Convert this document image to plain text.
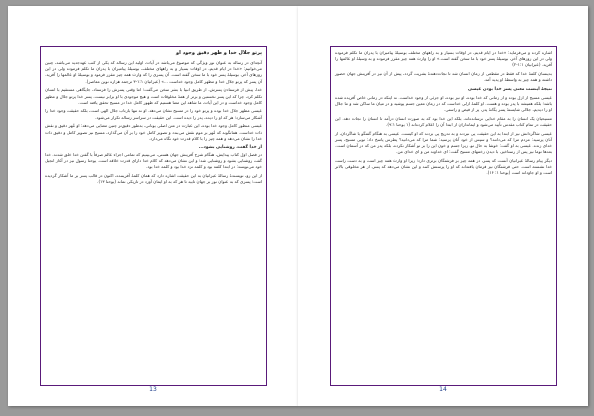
پرتو جلال خدا و ظهر دقیق وجود او

آنچه‌ای در رساله به عنوان نور ویژگی که موضوع می‌باشد در آیات، اولیه این رساله که یکی از کتب عهدجدید می‌باشد، چنین می‌خوانیم: «خدا در ایام قدیم، در اوقات بسیار و به راههای مختلف، بوسیلهٔ پیامبران با پدران ما تکلم فرموده ولی در این روزهای آخر، بوسیلهٔ پسر خود با ما سخن گفته است. آن پسری را که وارث همه چیز مقرر فرمود و بوسیلهٔ او عالمها را آفرید. آن پسر که پرتو جلال خدا و مظهر کامل وجود خداست ...» (عبرانیان ۱:۱-۳ ترجمه هزاره نوین معاصر).

خدا، پیش از فرستادن پسرش، از طریق انبیا با بشر سخن می‌گفت؛ اما وقتی پسرش را فرستاد، جایگاهی مستقیم با انسان تکلم کرد، چرا که این پسر نخستین و برتر از همهٔ مخلوقات است و هیچ موجودی با او برابر نیست. پسر خدا پرتو جلال و مظهر کامل وجود خداست و در این آیات، ما شاهد این معنا هستیم که ظهور کامل خدا در مسیح تحقق یافته است.

عیسی مظهر جلال خدا بوده و پرتو خود را در مسیح نشان می‌دهد. او نه تنها بازتاب جلال الهی است، بلکه حقیقت وجود خدا را آشکار می‌سازد؛ هر که او را دیده، پدر را دیده است. این حقیقت در سراسر رساله تکرار می‌شود.

عیسی منظور کامل وجود خدا بوده، این عبارت در متن اصلی یونانی، به‌طور دقیق‌تر چنین معنایی می‌دهد: او مُهر دقیق و نقش ذات خداست. همانگونه که مُهر بر موم نقش می‌بندد و تصویر کامل خود را بر آن می‌گذارد، مسیح نیز تصویر کامل و دقیق ذات خدا را نشان می‌دهد و همه چیز را با کلام قدرت خود نگاه می‌دارد.

از خدا گفت، روشنایی بشود...

در فصل اول کتاب پیدایش، هنگام شرح آفرینش جهان هستی، می‌بینیم که تمامی اجزاء عالم صرفاً با گفتن خدا خلق شدند. خدا گفت روشنایی بشود و روشنایی شد؛ و این نشان می‌دهد که کلام خدا دارای قدرت خلاقه است. یوحنا رسول نیز در آغاز انجیل خود می‌نویسد: در ابتدا کلمه بود و کلمه نزد خدا بود و کلمه خدا بود.

از این رو، نویسندهٔ رسالهٔ عبرانیان به این حقیقت اشاره دارد که همان کلمهٔ آفریننده، اکنون در قالب پسر بر ما آشکار گردیده است؛ پسری که به عنوان نور بر جهان تابید تا هر که به او ایمان آورد در تاریکی نماند (یوحنا ۱۳).

13

اشاره کرده و می‌فرماید: «خدا در ایام قدیم، در اوقات بسیار و به راههای مختلف بوسیلهٔ پیامبران با پدران ما تکلم فرموده ولی در این روزهای آخر، بوسیلهٔ پسر خود با ما سخن گفته است.» او را وارث همه چیز مقرر فرموده و به وسیلهٔ او عالمها را آفرید. (عبرانیان ۱:۱-۲)

بدینسان کلمهٔ خدا که فقط در مقطعی از زمان انسان شد تا نجات‌دهندهٔ بشریت گردد، پیش از آن نیز در آفرینش جهان حضور داشته و همه چیز به واسطهٔ او پدید آمد.

نتیجهٔ اینست معنی پسر خدا بودن عیسی

عیسی مسیح از ازل بوده و از زمانی که خدا بوده، او نیز بوده، او جزئی از وجود خداست. نه اینکه در زمانی خاص آفریده شده باشد؛ بلکه همیشه با پدر بوده و هست. او کلمهٔ ازلی خداست که در زمان معین جسم پوشید و در میان ما ساکن شد و ما جلال او را دیدیم، جلالی شایستهٔ پسر یگانهٔ پدر، پر از فیض و راستی.

مسیحیان یک انسان را به مقام خدایی نرسانده‌اند، بلکه این خدا بود که به صورت انسان درآمد تا انسان را نجات دهد. این حقیقت در تمام کتاب مقدس تأیید می‌شود و ایمانداران از ابتدا آن را اعلام کرده‌اند (۱ یوحنا ۹:۱).

عیسی شاگردانش نیز از ابتدا به این حقیقت پی نبردند و به تدریج پی بردند که او کیست. عیسی به هنگام گفتگو با شاگردان، از آنان پرسید: مردم مرا که می‌دانند؟ و سپس از خود آنان پرسید: شما مرا که می‌دانید؟ پطرس پاسخ داد: تویی مسیح، پسر خدای زنده. عیسی به او گفت: خوشا به حال تو، زیرا جسم و خون این را بر تو آشکار نکرده، بلکه پدر من که در آسمان است. بعدها توما نیز پس از رستاخیز، با دیدن زخمهای مسیح گفت: ای خداوند من و ای خدای من.

دیگر پیام رسالهٔ عبرانیان آنست که پسر، در همه چیز بر فرشتگان برتری دارد؛ زیرا او وارث همه چیز است و به دست راست خدا نشسته است. حتی فرشتگان نیز فرمان یافته‌اند که او را پرستش کنند و این نشان می‌دهد که پسر، از هر مخلوقی بالاتر است و او جاودانه است (یوحنا ۱: ۱۶).

14
